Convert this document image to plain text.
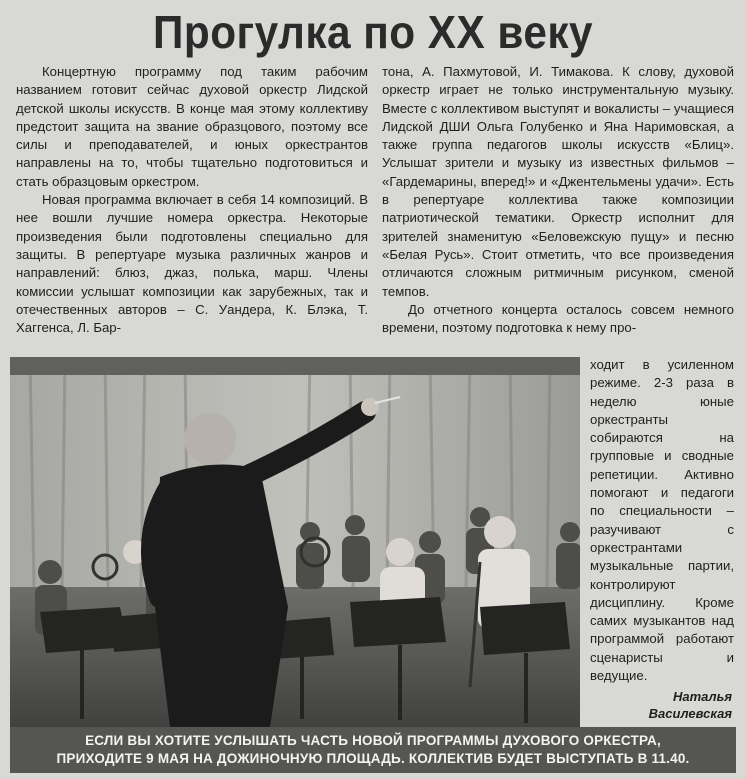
Прогулка по XX веку

Концертную программу под таким рабочим названием готовит сейчас духовой оркестр Лидской детской школы искусств. В конце мая этому коллективу предстоит защита на звание образцового, поэтому все силы и преподавателей, и юных оркестрантов направлены на то, чтобы тщательно подготовиться и стать образцовым оркестром.

Новая программа включает в себя 14 композиций. В нее вошли лучшие номера оркестра. Некоторые произведения были подготовлены специально для защиты. В репертуаре музыка различных жанров и направлений: блюз, джаз, полька, марш. Члены комиссии услышат композиции как зарубежных, так и отечественных авторов – С. Уандера, К. Блэка, Т. Хаггенса, Л. Бар-

тона, А. Пахмутовой, И. Тимакова. К слову, духовой оркестр играет не только инструментальную музыку. Вместе с коллективом выступят и вокалисты – учащиеся Лидской ДШИ Ольга Голубенко и Яна Наримовская, а также группа педагогов школы искусств «Блиц». Услышат зрители и музыку из известных фильмов – «Гардемарины, вперед!» и «Джентельмены удачи». Есть в репертуаре коллектива также композиции патриотической тематики. Оркестр исполнит для зрителей знаменитую «Беловежскую пущу» и песню «Белая Русь». Стоит отметить, что все произведения отличаются сложным ритмичным рисунком, сменой темпов.

До отчетного концерта осталось совсем немного времени, поэтому подготовка к нему про-

ходит в усиленном режиме. 2-3 раза в неделю юные оркестранты собираются на групповые и сводные репетиции. Активно помогают и педагоги по специальности – разучивают с оркестрантами музыкальные партии, контролируют дисциплину. Кроме самих музыкантов над программой работают сценаристы и ведущие.

Наталья
Василевская
ЕСЛИ ВЫ ХОТИТЕ УСЛЫШАТЬ ЧАСТЬ НОВОЙ ПРОГРАММЫ ДУХОВОГО ОРКЕСТРА,
ПРИХОДИТЕ 9 МАЯ НА ДОЖИНОЧНУЮ ПЛОЩАДЬ. КОЛЛЕКТИВ БУДЕТ ВЫСТУПАТЬ В 11.40.
